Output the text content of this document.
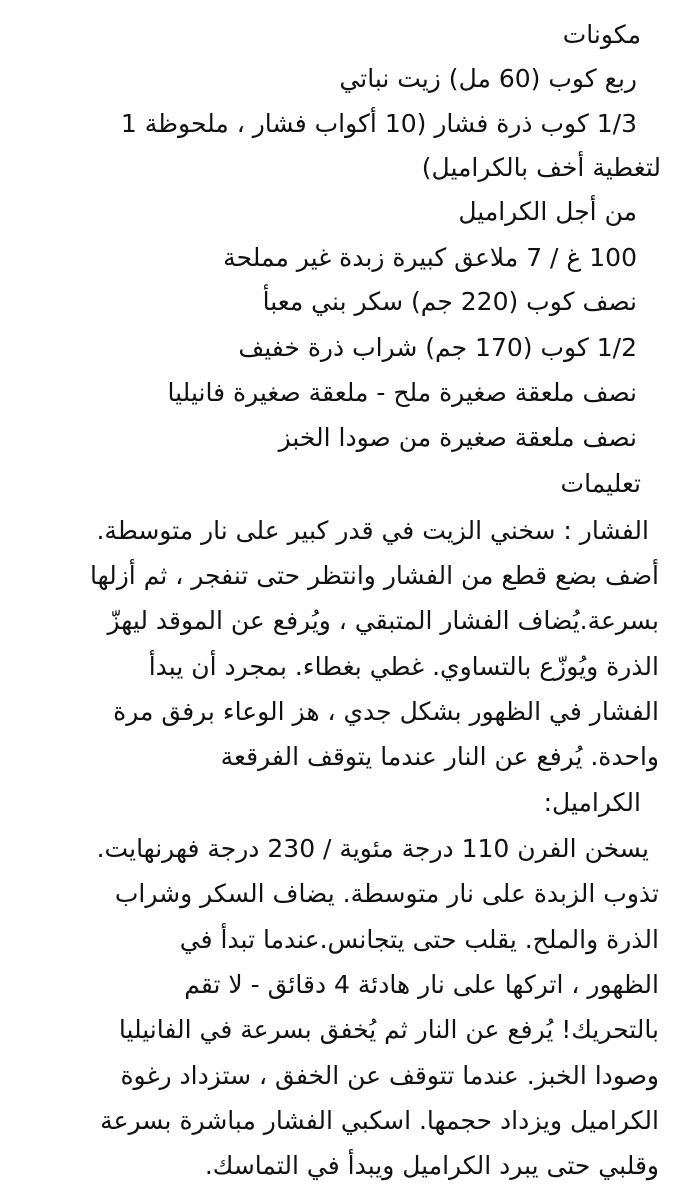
مكونات
ربع كوب (60 مل) زيت نباتي
1/3 كوب ذرة فشار (10 أكواب فشار ، ملحوظة 1
لتغطية أخف بالكراميل)
من أجل الكراميل
100 غ / 7 ملاعق كبيرة زبدة غير مملحة
نصف كوب (220 جم) سكر بني معبأ
1/2 كوب (170 جم) شراب ذرة خفيف
نصف ملعقة صغيرة ملح - ملعقة صغيرة فانيليا
نصف ملعقة صغيرة من صودا الخبز
تعليمات
الفشار : سخني الزيت في قدر كبير على نار متوسطة.
أضف بضع قطع من الفشار وانتظر حتى تنفجر ، ثم أزلها
بسرعة.يُضاف الفشار المتبقي ، ويُرفع عن الموقد ليهزّ
الذرة ويُوزّع بالتساوي. غطي بغطاء. بمجرد أن يبدأ
الفشار في الظهور بشكل جدي ، هز الوعاء برفق مرة
واحدة. يُرفع عن النار عندما يتوقف الفرقعة
الكراميل:
يسخن الفرن 110 درجة مئوية / 230 درجة فهرنهايت.
تذوب الزبدة على نار متوسطة. يضاف السكر وشراب
الذرة والملح. يقلب حتى يتجانس.عندما تبدأ في
الظهور ، اتركها على نار هادئة 4 دقائق - لا تقم
بالتحريك! يُرفع عن النار ثم يُخفق بسرعة في الفانيليا
وصودا الخبز. عندما تتوقف عن الخفق ، ستزداد رغوة
الكراميل ويزداد حجمها. اسكبي الفشار مباشرة بسرعة
وقلبي حتى يبرد الكراميل ويبدأ في التماسك.
